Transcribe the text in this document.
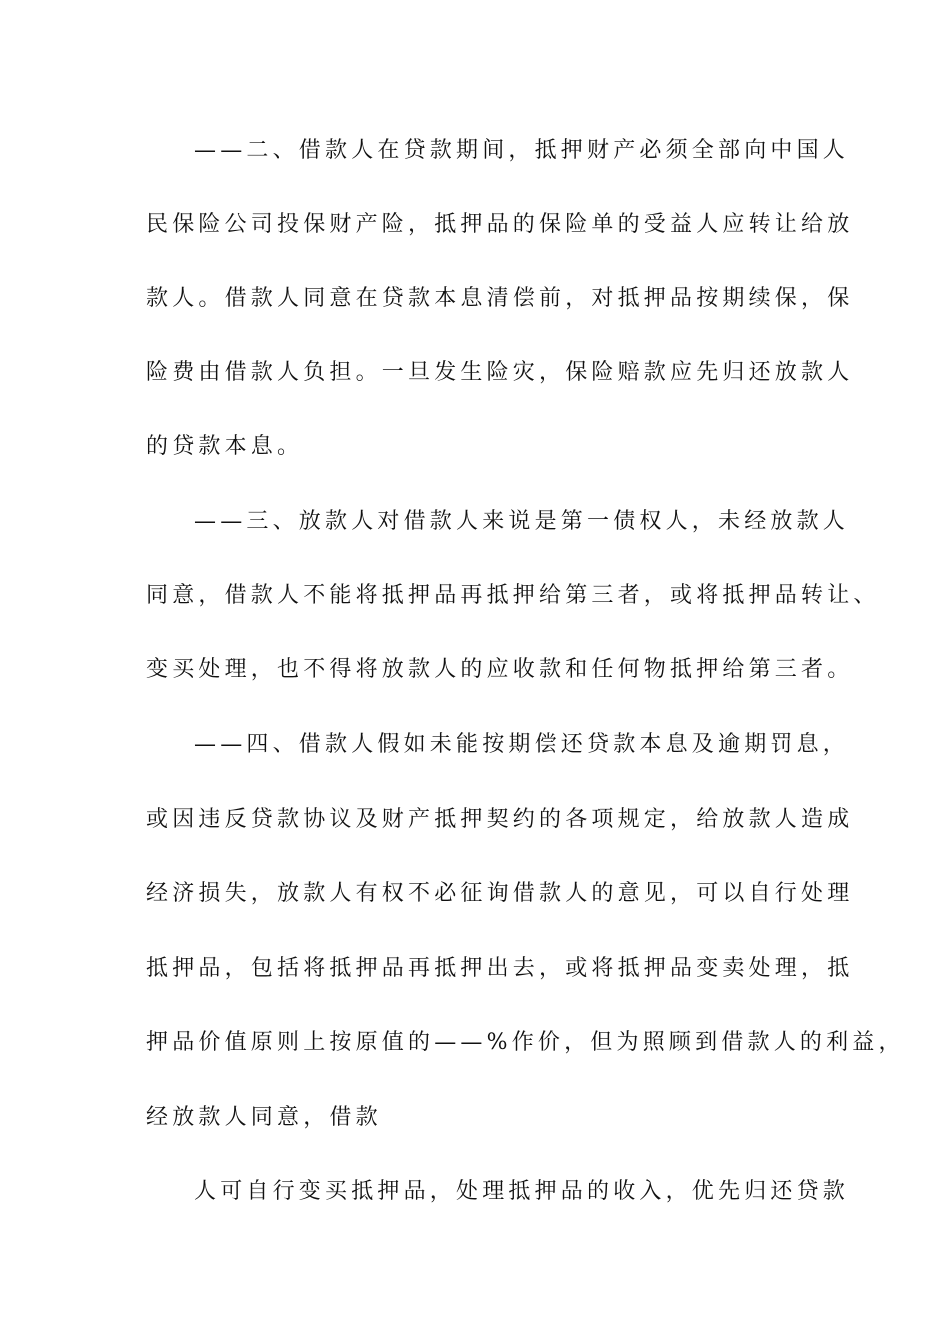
——二、借款人在贷款期间，抵押财产必须全部向中国人
民保险公司投保财产险，抵押品的保险单的受益人应转让给放
款人。借款人同意在贷款本息清偿前，对抵押品按期续保，保
险费由借款人负担。一旦发生险灾，保险赔款应先归还放款人
的贷款本息。
——三、放款人对借款人来说是第一债权人，未经放款人
同意，借款人不能将抵押品再抵押给第三者，或将抵押品转让、
变买处理，也不得将放款人的应收款和任何物抵押给第三者。
——四、借款人假如未能按期偿还贷款本息及逾期罚息，
或因违反贷款协议及财产抵押契约的各项规定，给放款人造成
经济损失，放款人有权不必征询借款人的意见，可以自行处理
抵押品，包括将抵押品再抵押出去，或将抵押品变卖处理，抵
押品价值原则上按原值的——%作价，但为照顾到借款人的利益，
经放款人同意，借款
人可自行变买抵押品，处理抵押品的收入，优先归还贷款
